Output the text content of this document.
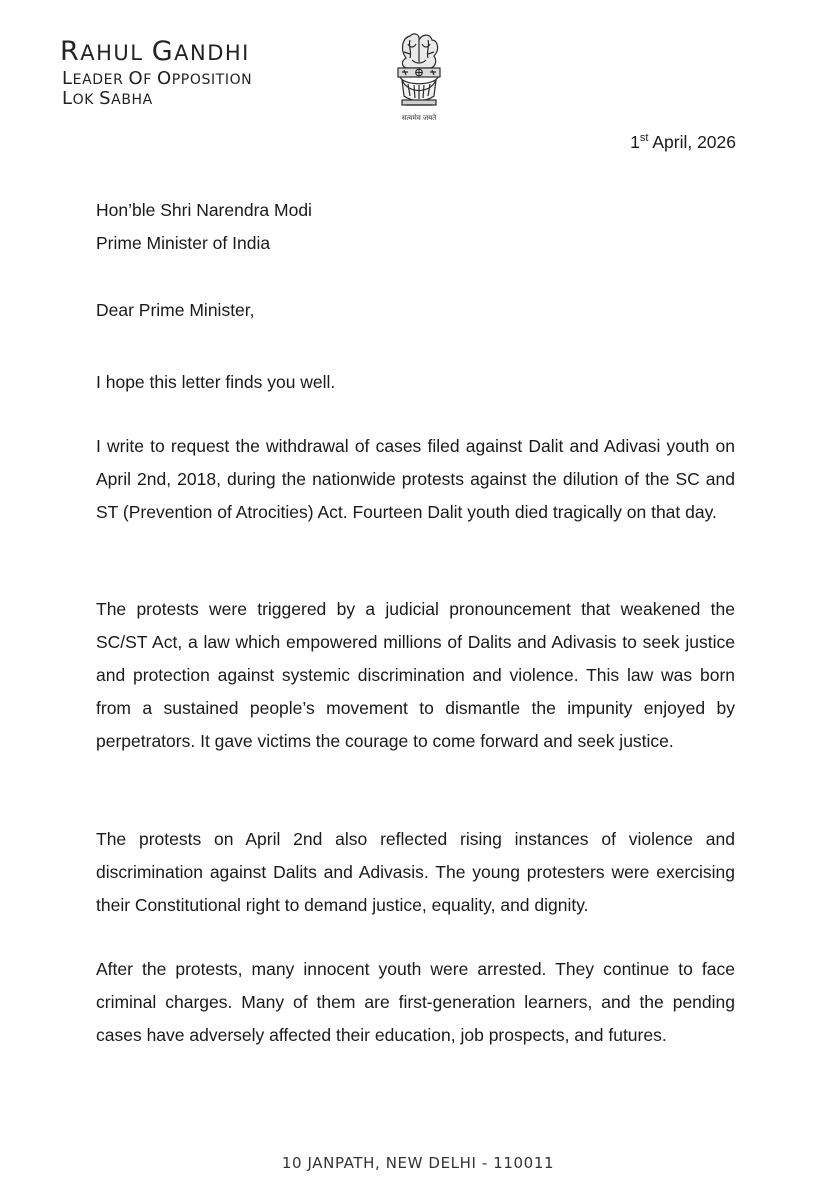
RAHUL GANDHI
LEADER OF OPPOSITION
LOK SABHA
सत्यमेव जयते
1st April, 2026
Hon’ble Shri Narendra Modi
Prime Minister of India
Dear Prime Minister,

I hope this letter finds you well.

I write to request the withdrawal of cases filed against Dalit and Adivasi youth on April 2nd, 2018, during the nationwide protests against the dilution of the SC and ST (Prevention of Atrocities) Act. Fourteen Dalit youth died tragically on that day.

The protests were triggered by a judicial pronouncement that weakened the SC/ST Act, a law which empowered millions of Dalits and Adivasis to seek justice and protection against systemic discrimination and violence. This law was born from a sustained people’s movement to dismantle the impunity enjoyed by perpetrators. It gave victims the courage to come forward and seek justice.

The protests on April 2nd also reflected rising instances of violence and discrimination against Dalits and Adivasis. The young protesters were exercising their Constitutional right to demand justice, equality, and dignity.

After the protests, many innocent youth were arrested. They continue to face criminal charges. Many of them are first-generation learners, and the pending cases have adversely affected their education, job prospects, and futures.

10 JANPATH, NEW DELHI - 110011
